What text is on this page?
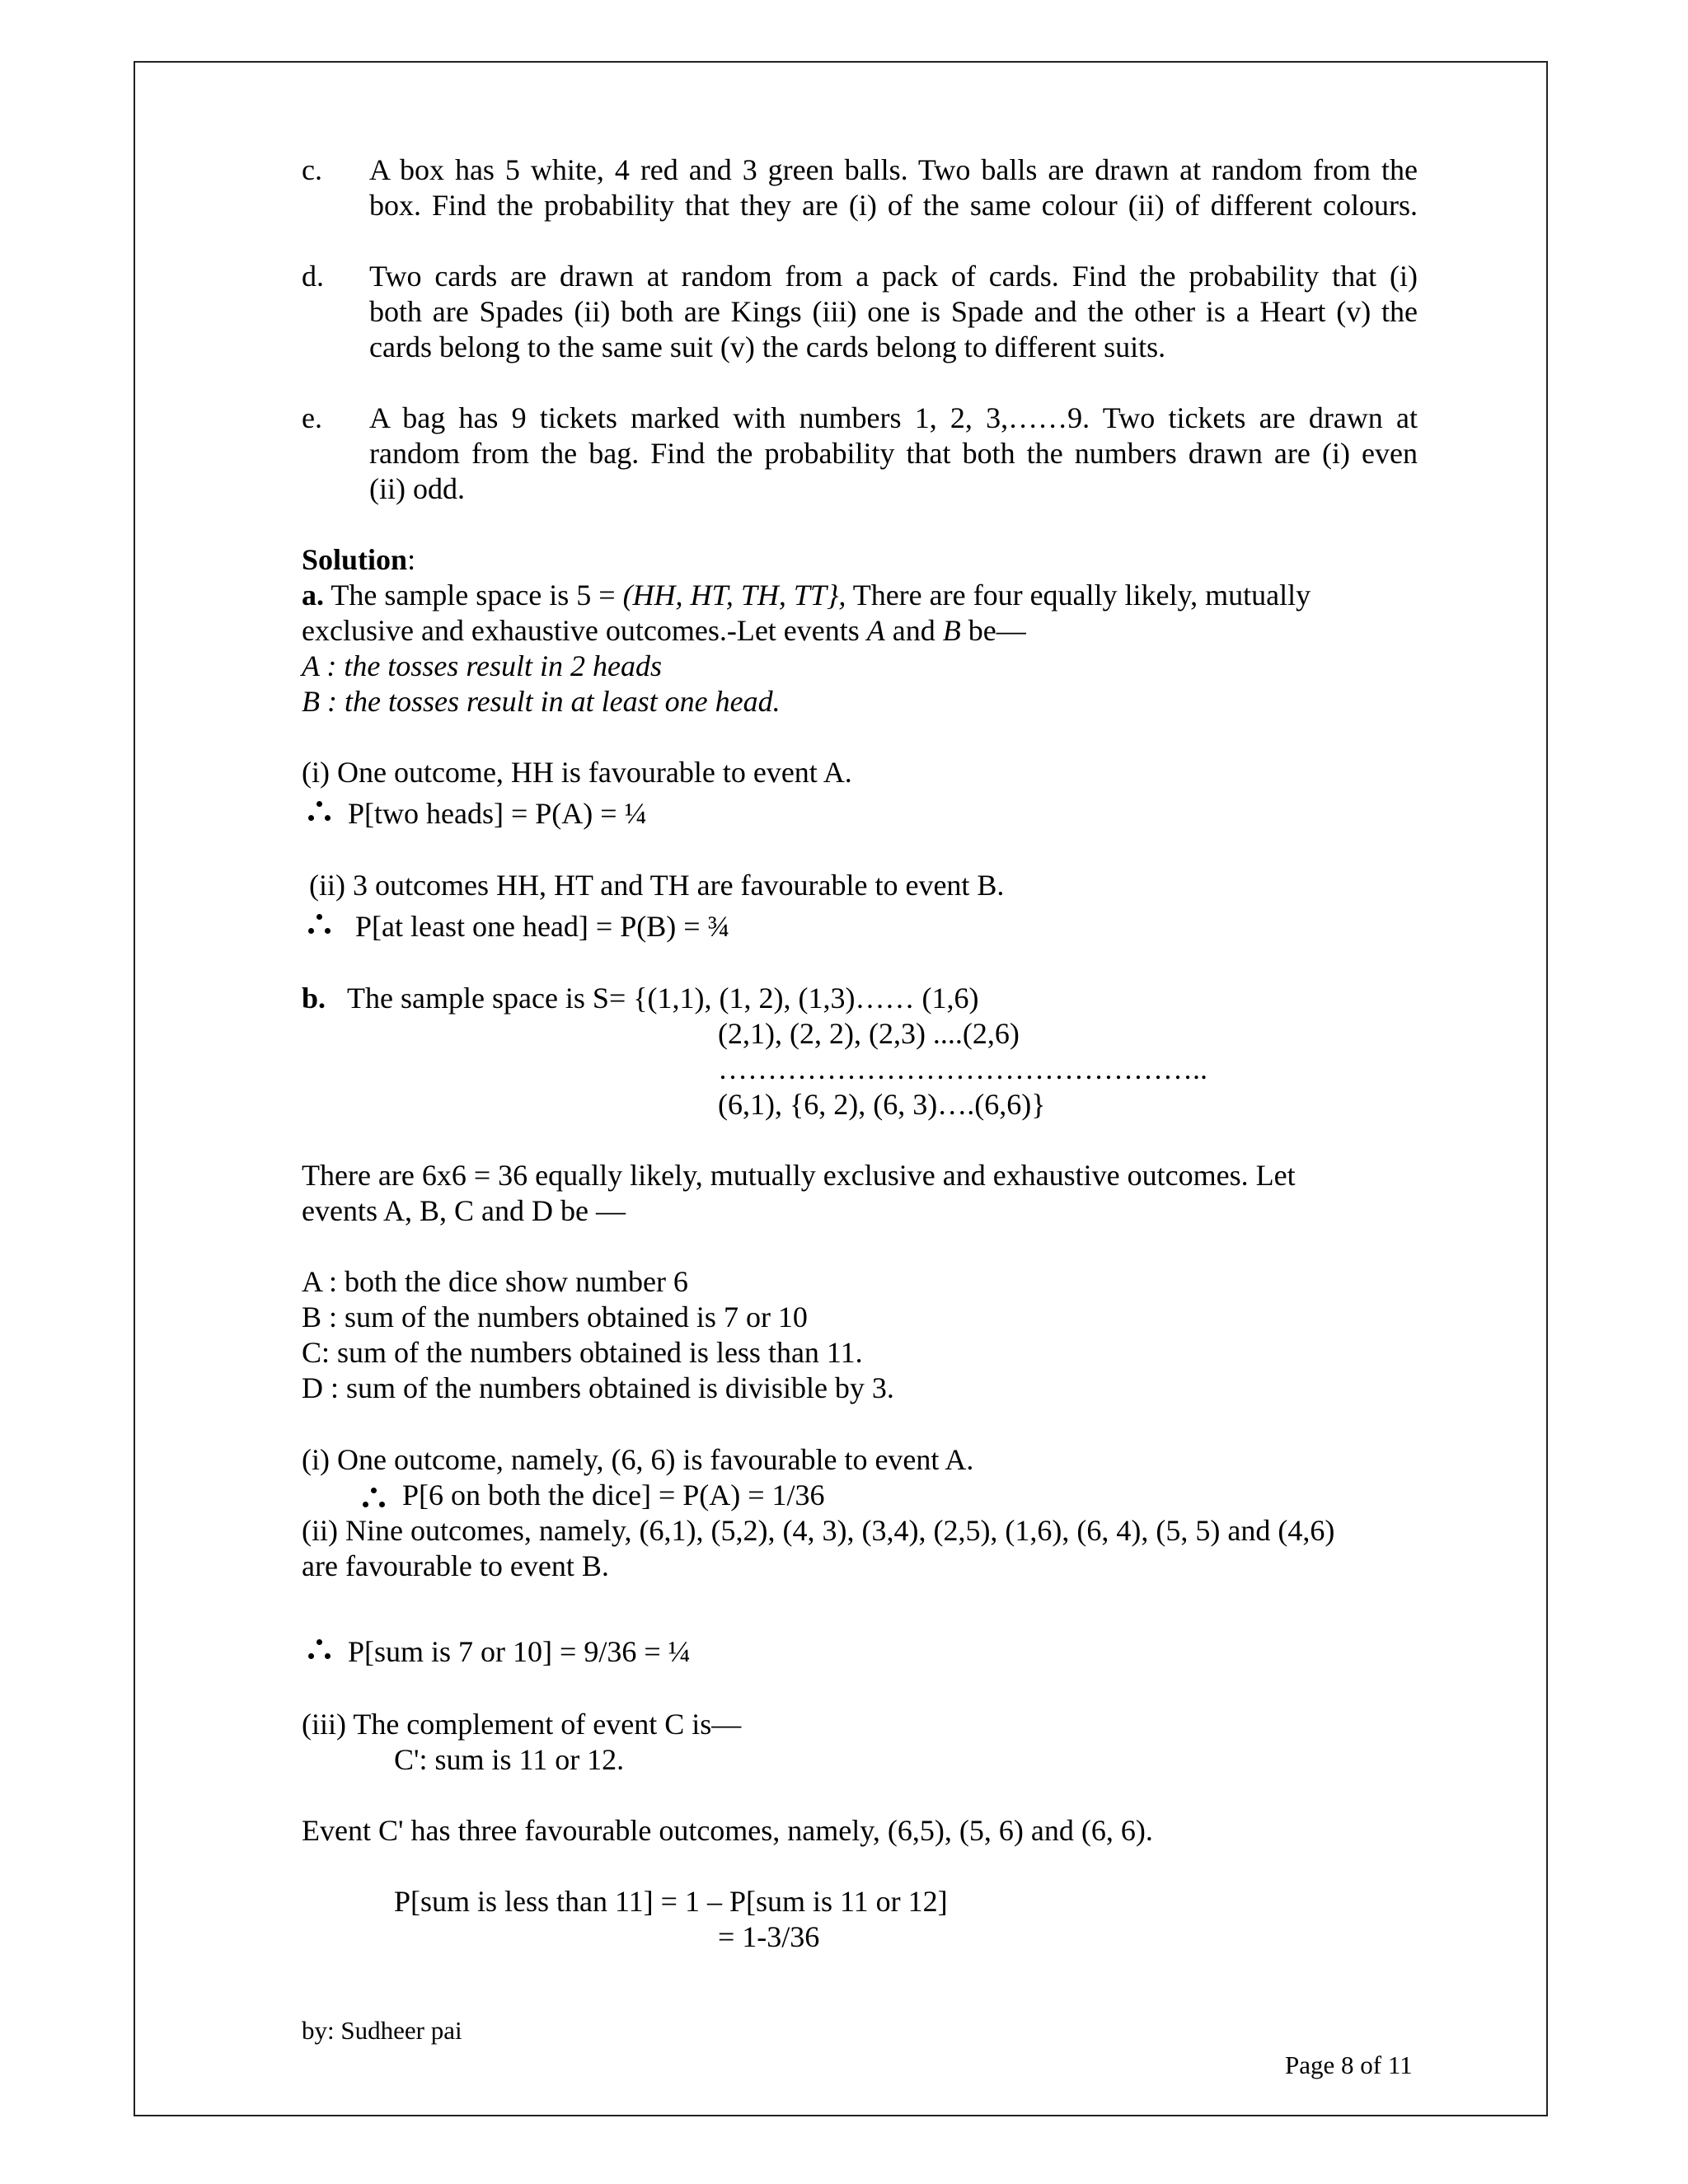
c. A box has 5 white, 4 red and 3 green balls. Two balls are drawn at random from the
box. Find the probability that they are (i) of the same colour (ii) of different colours.
d. Two cards are drawn at random from a pack of cards. Find the probability that (i)
both are Spades (ii) both are Kings (iii) one is Spade and the other is a Heart (v) the
cards belong to the same suit (v) the cards belong to different suits.
e. A bag has 9 tickets marked with numbers 1, 2, 3,……9. Two tickets are drawn at
random from the bag. Find the probability that both the numbers drawn are (i) even
(ii) odd.
Solution:
a. The sample space is 5 = (HH, HT, TH, TT}, There are four equally likely, mutually
exclusive and exhaustive outcomes.-Let events A and B be—
A : the tosses result in 2 heads
B : the tosses result in at least one head.
(i) One outcome, HH is favourable to event A.
P[two heads] = P(A) = ¼
(ii) 3 outcomes HH, HT and TH are favourable to event B.
P[at least one head] = P(B) = ¾
b. The sample space is S= {(1,1), (1, 2), (1,3)…… (1,6)
(2,1), (2, 2), (2,3) ....(2,6)
…………………………………………..
(6,1), {6, 2), (6, 3)….(6,6)}
There are 6x6 = 36 equally likely, mutually exclusive and exhaustive outcomes. Let
events A, B, C and D be —
A : both the dice show number 6
B : sum of the numbers obtained is 7 or 10
C: sum of the numbers obtained is less than 11.
D : sum of the numbers obtained is divisible by 3.
(i) One outcome, namely, (6, 6) is favourable to event A.
P[6 on both the dice] = P(A) = 1/36
(ii) Nine outcomes, namely, (6,1), (5,2), (4, 3), (3,4), (2,5), (1,6), (6, 4), (5, 5) and (4,6)
are favourable to event B.
P[sum is 7 or 10] = 9/36 = ¼
(iii) The complement of event C is—
C': sum is 11 or 12.
Event C' has three favourable outcomes, namely, (6,5), (5, 6) and (6, 6).
P[sum is less than 11] = 1 – P[sum is 11 or 12]
= 1-3/36
by: Sudheer pai
Page 8 of 11
